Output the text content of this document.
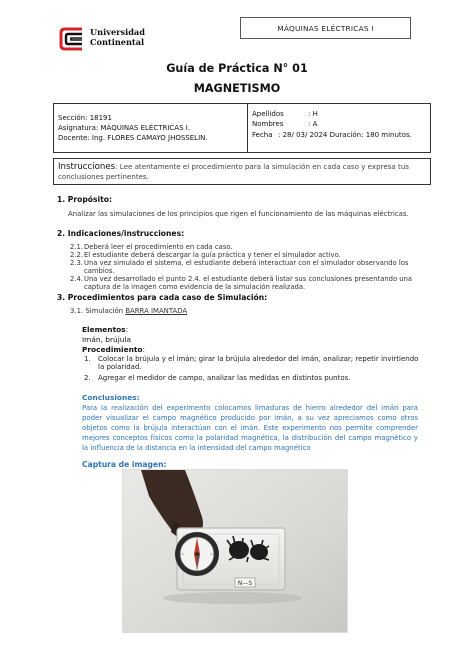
Universidad
Continental
MÁQUINAS ELÉCTRICAS I
Guía de Práctica N° 01
MAGNETISMO
Sección: 18191
Asignatura: MÁQUINAS ELÉCTRICAS I.
Docente: Ing. FLORES CAMAYO JHOSSELIN.
Apellidos	: H
Nombres	: A
Fecha : 28/ 03/ 2024 Duración: 180 minutos.
Instrucciones: Lee atentamente el procedimiento para la simulación en cada caso y expresa tus conclusiones pertinentes.
1. Propósito:
Analizar las simulaciones de los principios que rigen el funcionamiento de las máquinas eléctricas.
2. Indicaciones/instrucciones:
2.1. Deberá leer el procedimiento en cada caso.
2.2. El estudiante deberá descargar la guía práctica y tener el simulador activo.
2.3. Una vez simulado el sistema, el estudiante deberá interactuar con el simulador observando los cambios.
2.4. Una vez desarrollado el punto 2.4. el estudiante deberá listar sus conclusiones presentando una captura de la imagen como evidencia de la simulación realizada.
3. Procedimientos para cada caso de Simulación:
3.1. Simulación BARRA IMANTADA
Elementos:
Imán, brújula
Procedimiento:
1.	Colocar la brújula y el imán; girar la brújula alrededor del imán, analizar; repetir invirtiendo la polaridad.
2.	Agregar el medidor de campo, analizar las medidas en distintos puntos.
Conclusiones:
Para la realización del experimento colocamos limaduras de hierro alrededor del imán para poder visualizar el campo magnético producido por imán, a su vez apreciamos como otros objetos como la brújula interactúan con el imán. Este experimento nos permite comprender mejores conceptos físicos como la polaridad magnética, la distribución del campo magnético y la influencia de la distancia en la intensidad del campo magnético
Captura de imagen:
N—S
